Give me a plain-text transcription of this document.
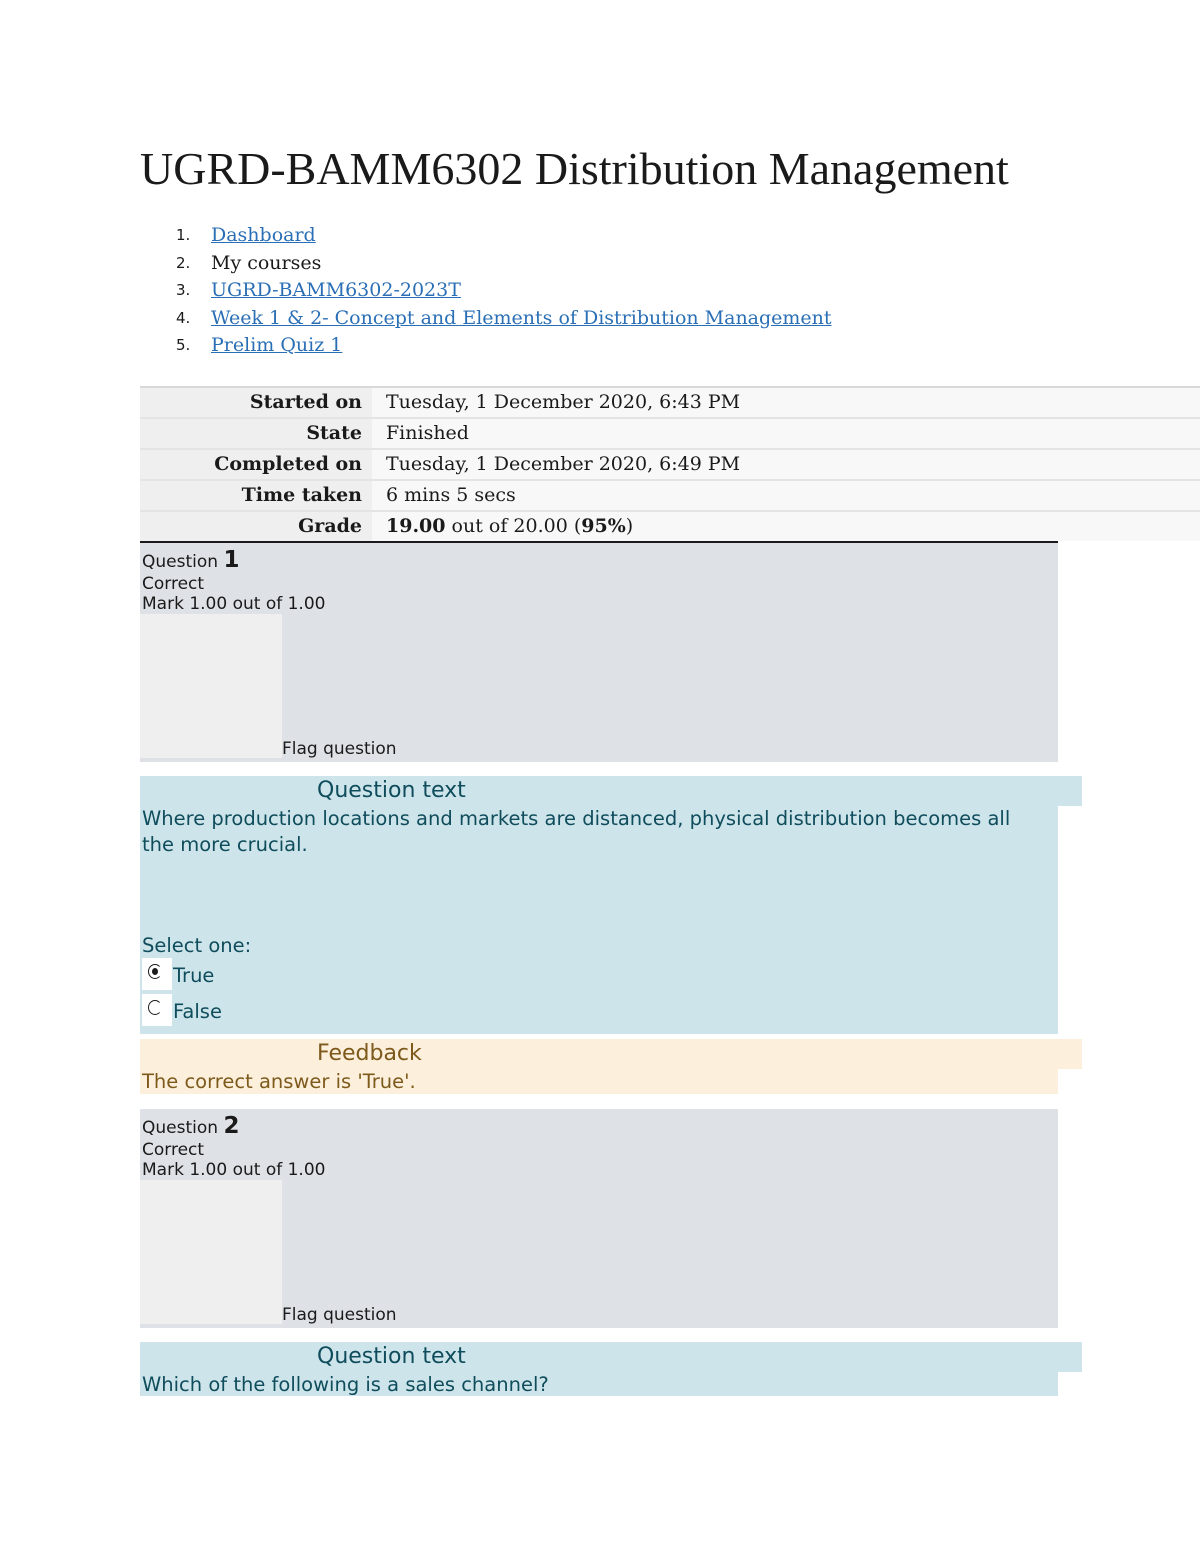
UGRD-BAMM6302 Distribution Management
1.	Dashboard
2.	My courses
3.	UGRD-BAMM6302-2023T
4.	Week 1 & 2- Concept and Elements of Distribution Management
5.	Prelim Quiz 1
Started on	Tuesday, 1 December 2020, 6:43 PM
State	Finished
Completed on	Tuesday, 1 December 2020, 6:49 PM
Time taken	6 mins 5 secs
Grade	19.00 out of 20.00 (95%)
Question 1
Correct
Mark 1.00 out of 1.00
Flag question
Question text
Where production locations and markets are distanced, physical distribution becomes all the more crucial.
Select one:
True
False
Feedback
The correct answer is 'True'.
Question 2
Correct
Mark 1.00 out of 1.00
Flag question
Question text
Which of the following is a sales channel?
